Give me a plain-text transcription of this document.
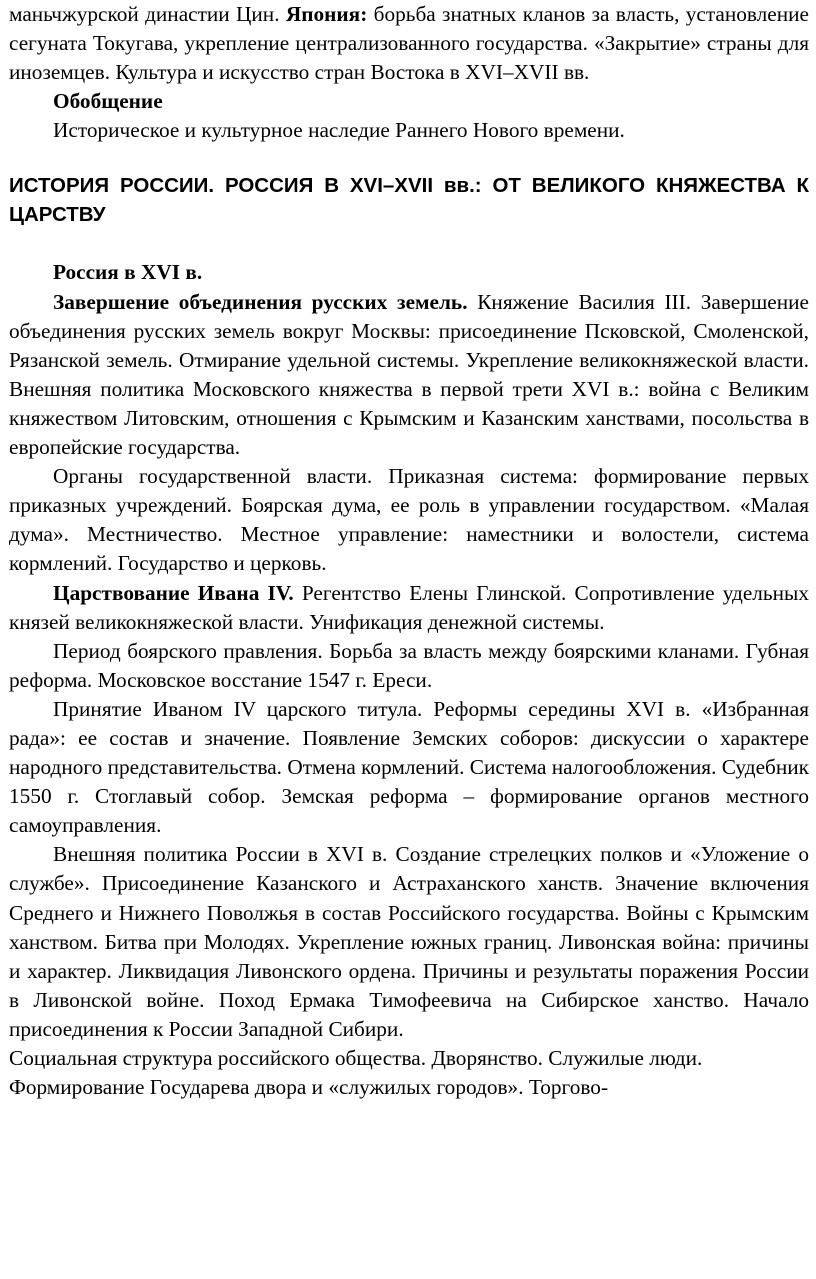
маньчжурской династии Цин. Япония: борьба знатных кланов за власть, установление сегуната Токугава, укрепление централизованного государства. «Закрытие» страны для иноземцев. Культура и искусство стран Востока в XVI–XVII вв.

Обобщение

Историческое и культурное наследие Раннего Нового времени.

ИСТОРИЯ РОССИИ. РОССИЯ В XVI–XVII вв.: ОТ ВЕЛИКОГО КНЯЖЕСТВА К ЦАРСТВУ

Россия в XVI в.

Завершение объединения русских земель. Княжение Василия III. Завершение объединения русских земель вокруг Москвы: присоединение Псковской, Смоленской, Рязанской земель. Отмирание удельной системы. Укрепление великокняжеской власти. Внешняя политика Московского княжества в первой трети XVI в.: война с Великим княжеством Литовским, отношения с Крымским и Казанским ханствами, посольства в европейские государства.

Органы государственной власти. Приказная система: формирование первых приказных учреждений. Боярская дума, ее роль в управлении государством. «Малая дума». Местничество. Местное управление: наместники и волостели, система кормлений. Государство и церковь.

Царствование Ивана IV. Регентство Елены Глинской. Сопротивление удельных князей великокняжеской власти. Унификация денежной системы.

Период боярского правления. Борьба за власть между боярскими кланами. Губная реформа. Московское восстание 1547 г. Ереси.

Принятие Иваном IV царского титула. Реформы середины XVI в. «Избранная рада»: ее состав и значение. Появление Земских соборов: дискуссии о характере народного представительства. Отмена кормлений. Система налогообложения. Судебник 1550 г. Стоглавый собор. Земская реформа – формирование органов местного самоуправления.

Внешняя политика России в XVI в. Создание стрелецких полков и «Уложение о службе». Присоединение Казанского и Астраханского ханств. Значение включения Среднего и Нижнего Поволжья в состав Российского государства. Войны с Крымским ханством. Битва при Молодях. Укрепление южных границ. Ливонская война: причины и характер. Ликвидация Ливонского ордена. Причины и результаты поражения России в Ливонской войне. Поход Ермака Тимофеевича на Сибирское ханство. Начало присоединения к России Западной Сибири.

Социальная структура российского общества. Дворянство. Служилые люди.

Формирование Государева двора и «служилых городов». Торгово-
